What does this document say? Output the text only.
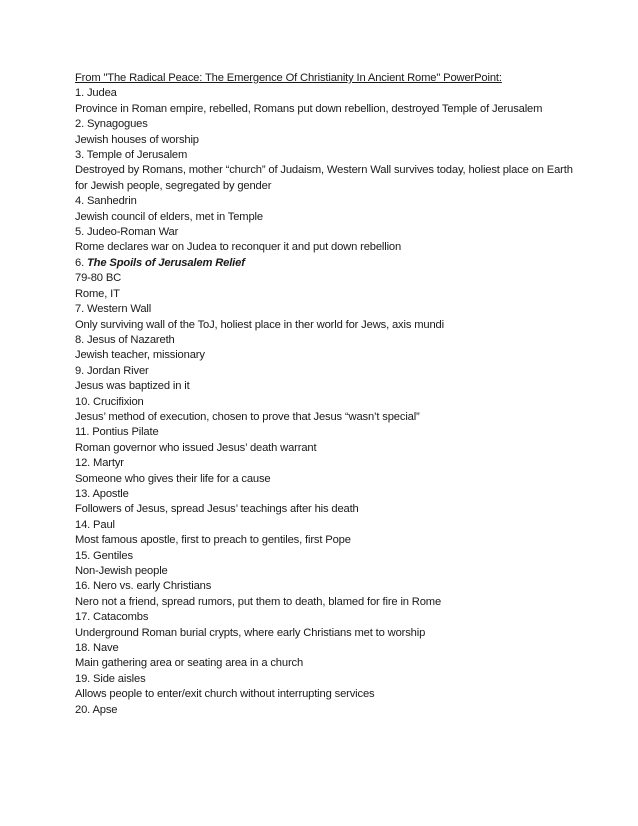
From "The Radical Peace: The Emergence Of Christianity In Ancient Rome" PowerPoint:
1. Judea
Province in Roman empire, rebelled, Romans put down rebellion, destroyed Temple of Jerusalem
2. Synagogues
Jewish houses of worship
3. Temple of Jerusalem
Destroyed by Romans, mother “church” of Judaism, Western Wall survives today, holiest place on Earth for Jewish people, segregated by gender
4. Sanhedrin
Jewish council of elders, met in Temple
5. Judeo-Roman War
Rome declares war on Judea to reconquer it and put down rebellion
6. The Spoils of Jerusalem Relief
79-80 BC
Rome, IT
7. Western Wall
Only surviving wall of the ToJ, holiest place in ther world for Jews, axis mundi
8. Jesus of Nazareth
Jewish teacher, missionary
9. Jordan River
Jesus was baptized in it
10. Crucifixion
Jesus’ method of execution, chosen to prove that Jesus “wasn’t special”
11. Pontius Pilate
Roman governor who issued Jesus’ death warrant
12. Martyr
Someone who gives their life for a cause
13. Apostle
Followers of Jesus, spread Jesus’ teachings after his death
14. Paul
Most famous apostle, first to preach to gentiles, first Pope
15. Gentiles
Non-Jewish people
16. Nero vs. early Christians
Nero not a friend, spread rumors, put them to death, blamed for fire in Rome
17. Catacombs
Underground Roman burial crypts, where early Christians met to worship
18. Nave
Main gathering area or seating area in a church
19. Side aisles
Allows people to enter/exit church without interrupting services
20. Apse
